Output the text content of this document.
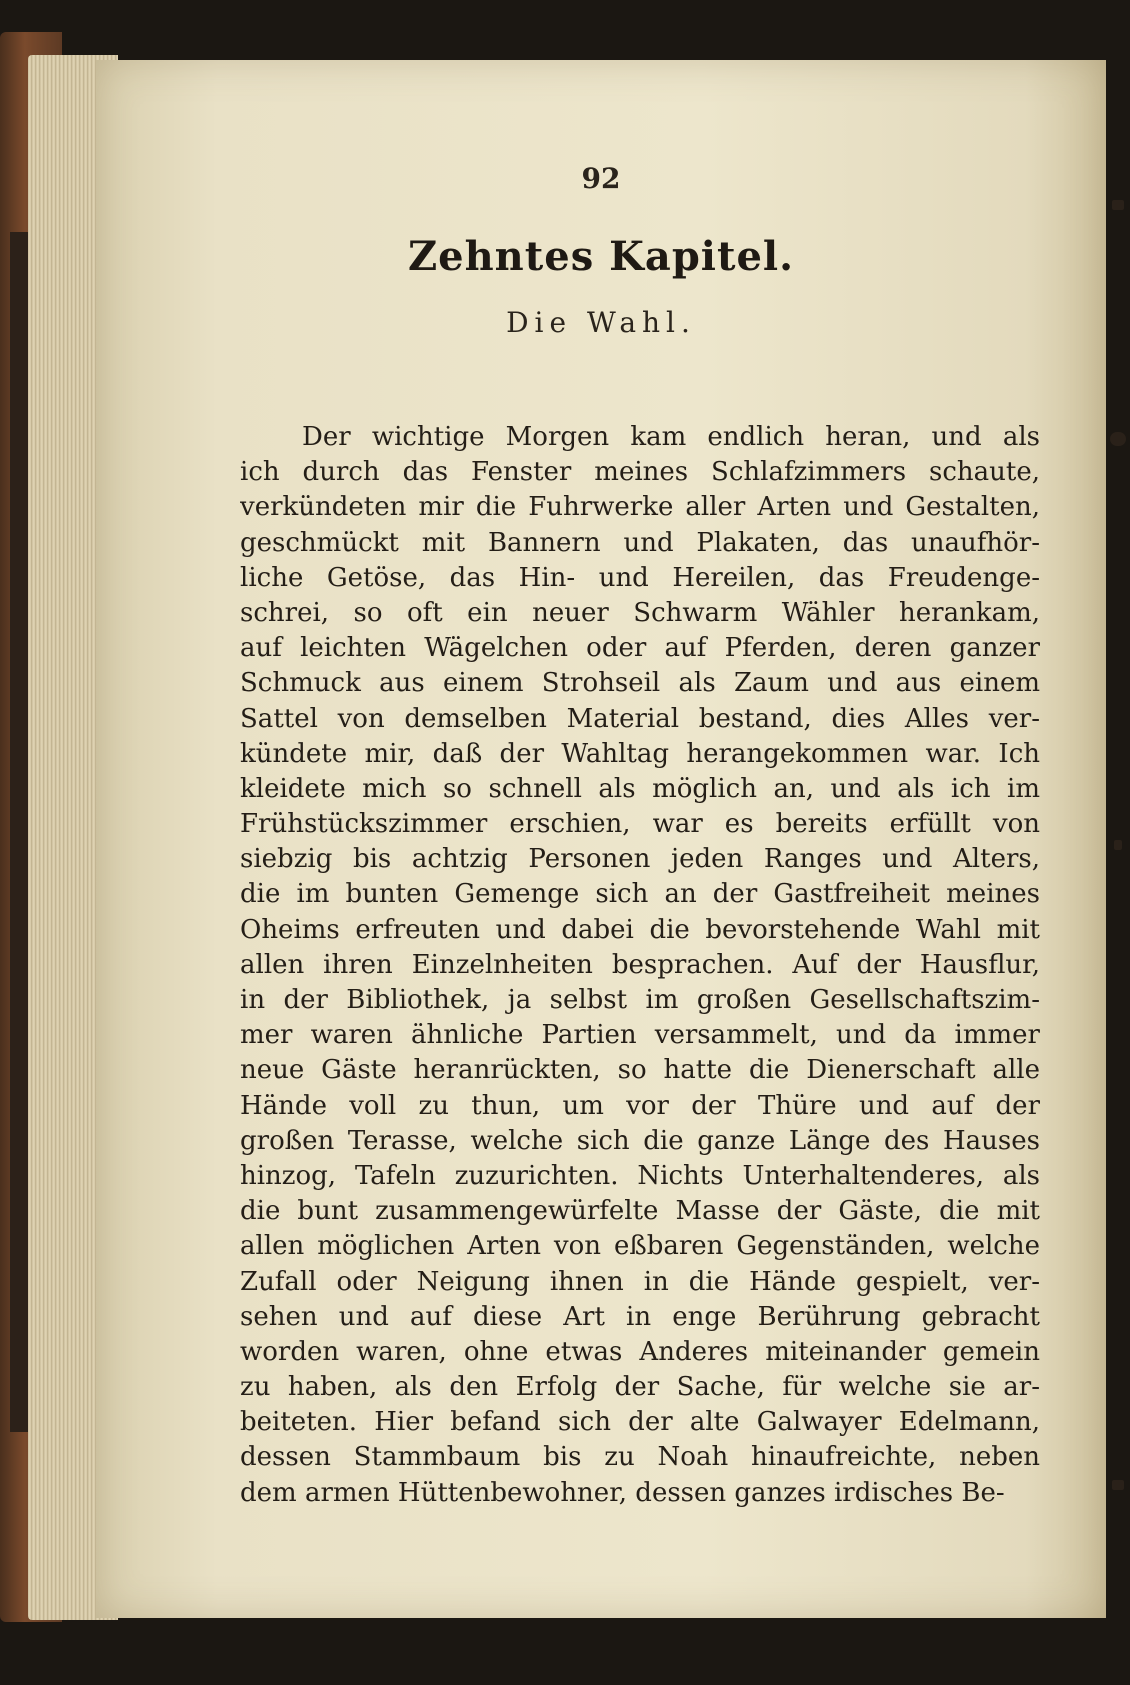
92
Zehntes Kapitel.
Die Wahl.
Der wichtige Morgen kam endlich heran, und als
ich durch das Fenster meines Schlafzimmers schaute,
verkündeten mir die Fuhrwerke aller Arten und Gestalten,
geschmückt mit Bannern und Plakaten, das unaufhör-
liche Getöse, das Hin- und Hereilen, das Freudenge-
schrei, so oft ein neuer Schwarm Wähler herankam,
auf leichten Wägelchen oder auf Pferden, deren ganzer
Schmuck aus einem Strohseil als Zaum und aus einem
Sattel von demselben Material bestand, dies Alles ver-
kündete mir, daß der Wahltag herangekommen war. Ich
kleidete mich so schnell als möglich an, und als ich im
Frühstückszimmer erschien, war es bereits erfüllt von
siebzig bis achtzig Personen jeden Ranges und Alters,
die im bunten Gemenge sich an der Gastfreiheit meines
Oheims erfreuten und dabei die bevorstehende Wahl mit
allen ihren Einzelnheiten besprachen. Auf der Hausflur,
in der Bibliothek, ja selbst im großen Gesellschaftszim-
mer waren ähnliche Partien versammelt, und da immer
neue Gäste heranrückten, so hatte die Dienerschaft alle
Hände voll zu thun, um vor der Thüre und auf der
großen Terasse, welche sich die ganze Länge des Hauses
hinzog, Tafeln zuzurichten. Nichts Unterhaltenderes, als
die bunt zusammengewürfelte Masse der Gäste, die mit
allen möglichen Arten von eßbaren Gegenständen, welche
Zufall oder Neigung ihnen in die Hände gespielt, ver-
sehen und auf diese Art in enge Berührung gebracht
worden waren, ohne etwas Anderes miteinander gemein
zu haben, als den Erfolg der Sache, für welche sie ar-
beiteten. Hier befand sich der alte Galwayer Edelmann,
dessen Stammbaum bis zu Noah hinaufreichte, neben
dem armen Hüttenbewohner, dessen ganzes irdisches Be-
